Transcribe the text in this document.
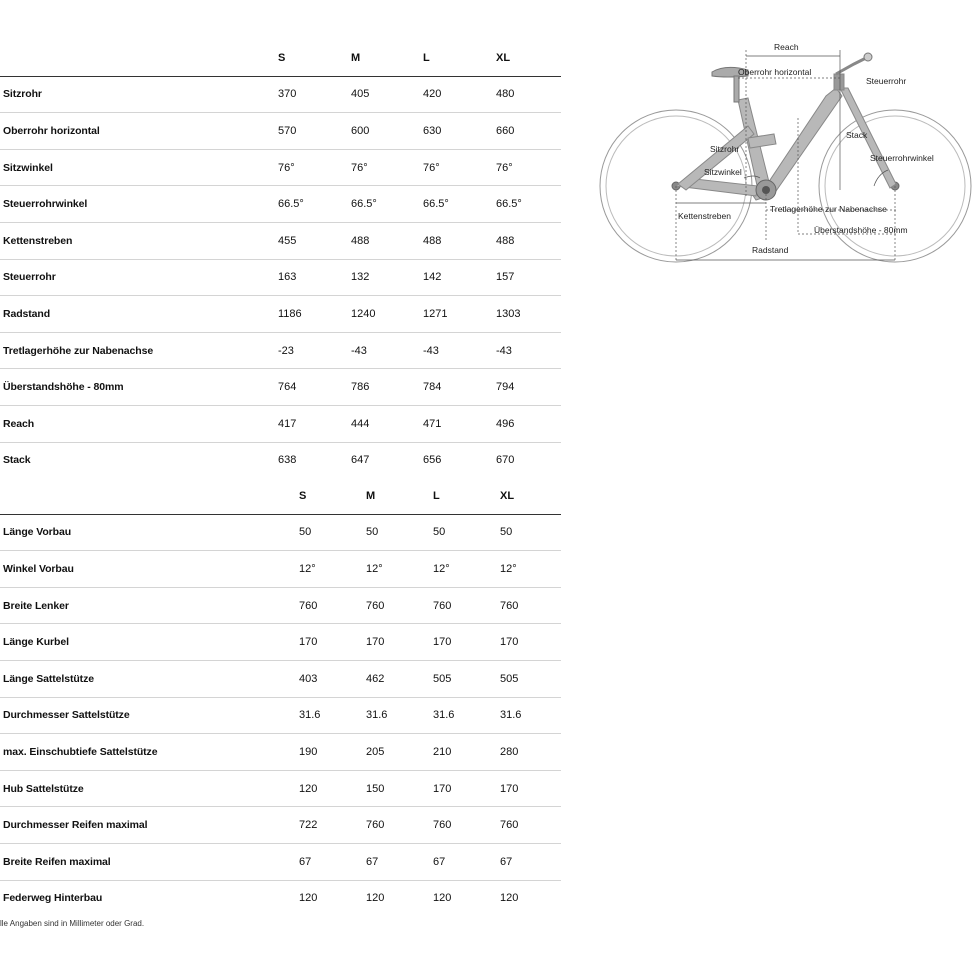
S	M	L	XL
Sitzrohr	370	405	420	480
Oberrohr horizontal	570	600	630	660
Sitzwinkel	76°	76°	76°	76°
Steuerrohrwinkel	66.5°	66.5°	66.5°	66.5°
Kettenstreben	455	488	488	488
Steuerrohr	163	132	142	157
Radstand	1186	1240	1271	1303
Tretlagerhöhe zur Nabenachse	-23	-43	-43	-43
Überstandshöhe - 80mm	764	786	784	794
Reach	417	444	471	496
Stack	638	647	656	670
S	M	L	XL
Länge Vorbau	50	50	50	50
Winkel Vorbau	12°	12°	12°	12°
Breite Lenker	760	760	760	760
Länge Kurbel	170	170	170	170
Länge Sattelstütze	403	462	505	505
Durchmesser Sattelstütze	31.6	31.6	31.6	31.6
max. Einschubtiefe Sattelstütze	190	205	210	280
Hub Sattelstütze	120	150	170	170
Durchmesser Reifen maximal	722	760	760	760
Breite Reifen maximal	67	67	67	67
Federweg Hinterbau	120	120	120	120
lle Angaben sind in Millimeter oder Grad.
Reach
Oberrohr horizontal
Steuerrohr
Stack
Sitzrohr
Sitzwinkel
Steuerrohrwinkel
Kettenstreben
Tretlagerhöhe zur Nabenachse
Überstandshöhe - 80mm
Radstand
